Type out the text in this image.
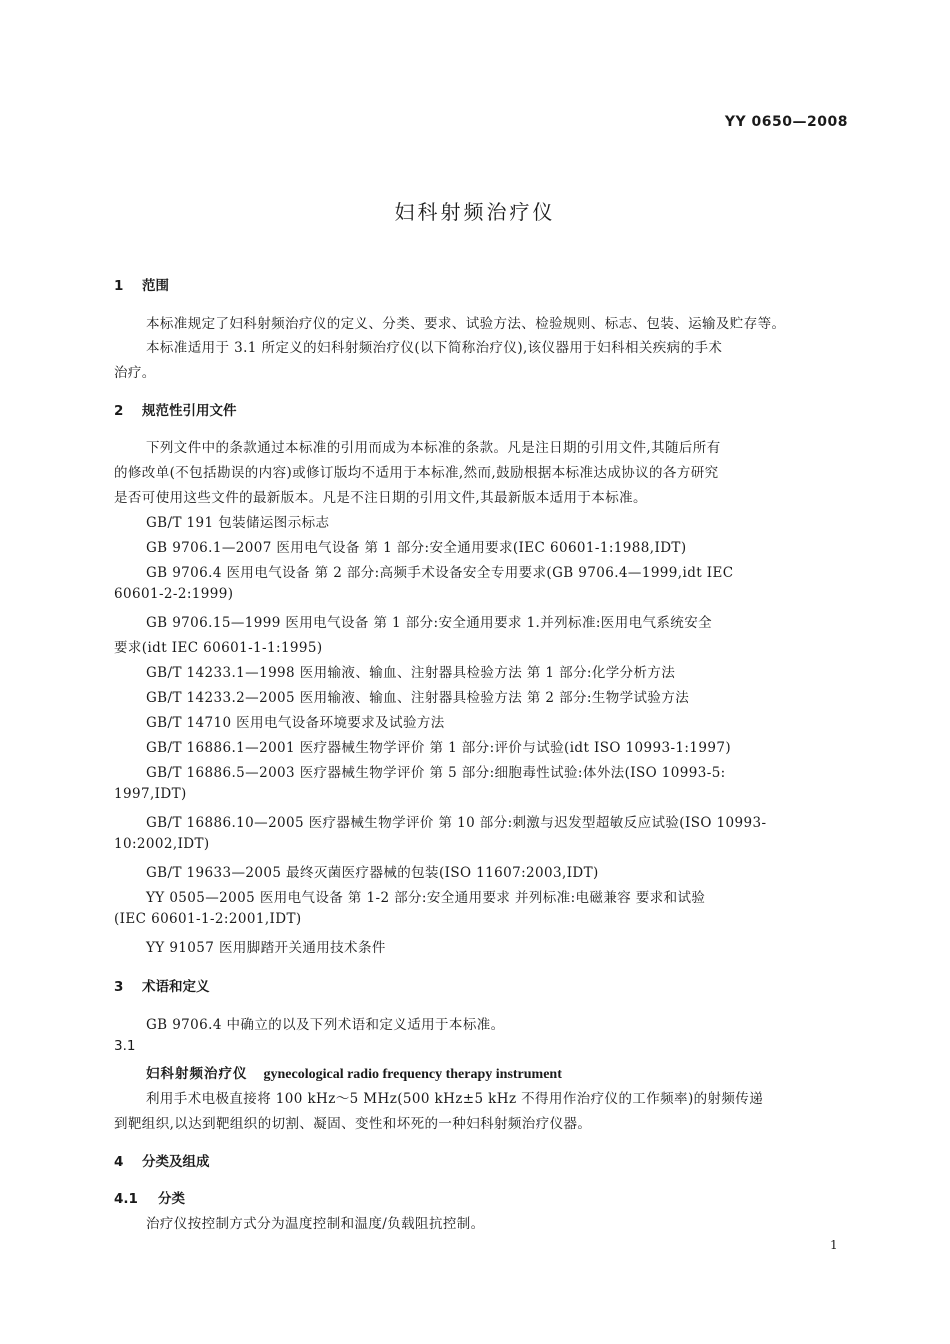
YY 0650—2008
妇科射频治疗仪
1 范围
本标准规定了妇科射频治疗仪的定义、分类、要求、试验方法、检验规则、标志、包装、运输及贮存等。
本标准适用于 3.1 所定义的妇科射频治疗仪(以下简称治疗仪),该仪器用于妇科相关疾病的手术
治疗。
2 规范性引用文件
下列文件中的条款通过本标准的引用而成为本标准的条款。凡是注日期的引用文件,其随后所有
的修改单(不包括勘误的内容)或修订版均不适用于本标准,然而,鼓励根据本标准达成协议的各方研究
是否可使用这些文件的最新版本。凡是不注日期的引用文件,其最新版本适用于本标准。
GB/T 191 包装储运图示标志
GB 9706.1—2007 医用电气设备 第 1 部分:安全通用要求(IEC 60601-1:1988,IDT)
GB 9706.4 医用电气设备 第 2 部分:高频手术设备安全专用要求(GB 9706.4—1999,idt IEC
60601-2-2:1999)
GB 9706.15—1999 医用电气设备 第 1 部分:安全通用要求 1.并列标准:医用电气系统安全
要求(idt IEC 60601-1-1:1995)
GB/T 14233.1—1998 医用输液、输血、注射器具检验方法 第 1 部分:化学分析方法
GB/T 14233.2—2005 医用输液、输血、注射器具检验方法 第 2 部分:生物学试验方法
GB/T 14710 医用电气设备环境要求及试验方法
GB/T 16886.1—2001 医疗器械生物学评价 第 1 部分:评价与试验(idt ISO 10993-1:1997)
GB/T 16886.5—2003 医疗器械生物学评价 第 5 部分:细胞毒性试验:体外法(ISO 10993-5:
1997,IDT)
GB/T 16886.10—2005 医疗器械生物学评价 第 10 部分:刺激与迟发型超敏反应试验(ISO 10993-
10:2002,IDT)
GB/T 19633—2005 最终灭菌医疗器械的包装(ISO 11607:2003,IDT)
YY 0505—2005 医用电气设备 第 1-2 部分:安全通用要求 并列标准:电磁兼容 要求和试验
(IEC 60601-1-2:2001,IDT)
YY 91057 医用脚踏开关通用技术条件
3 术语和定义
GB 9706.4 中确立的以及下列术语和定义适用于本标准。
3.1
妇科射频治疗仪 gynecological radio frequency therapy instrument
利用手术电极直接将 100 kHz～5 MHz(500 kHz±5 kHz 不得用作治疗仪的工作频率)的射频传递
到靶组织,以达到靶组织的切割、凝固、变性和坏死的一种妇科射频治疗仪器。
4 分类及组成
4.1 分类
治疗仪按控制方式分为温度控制和温度/负载阻抗控制。
1
